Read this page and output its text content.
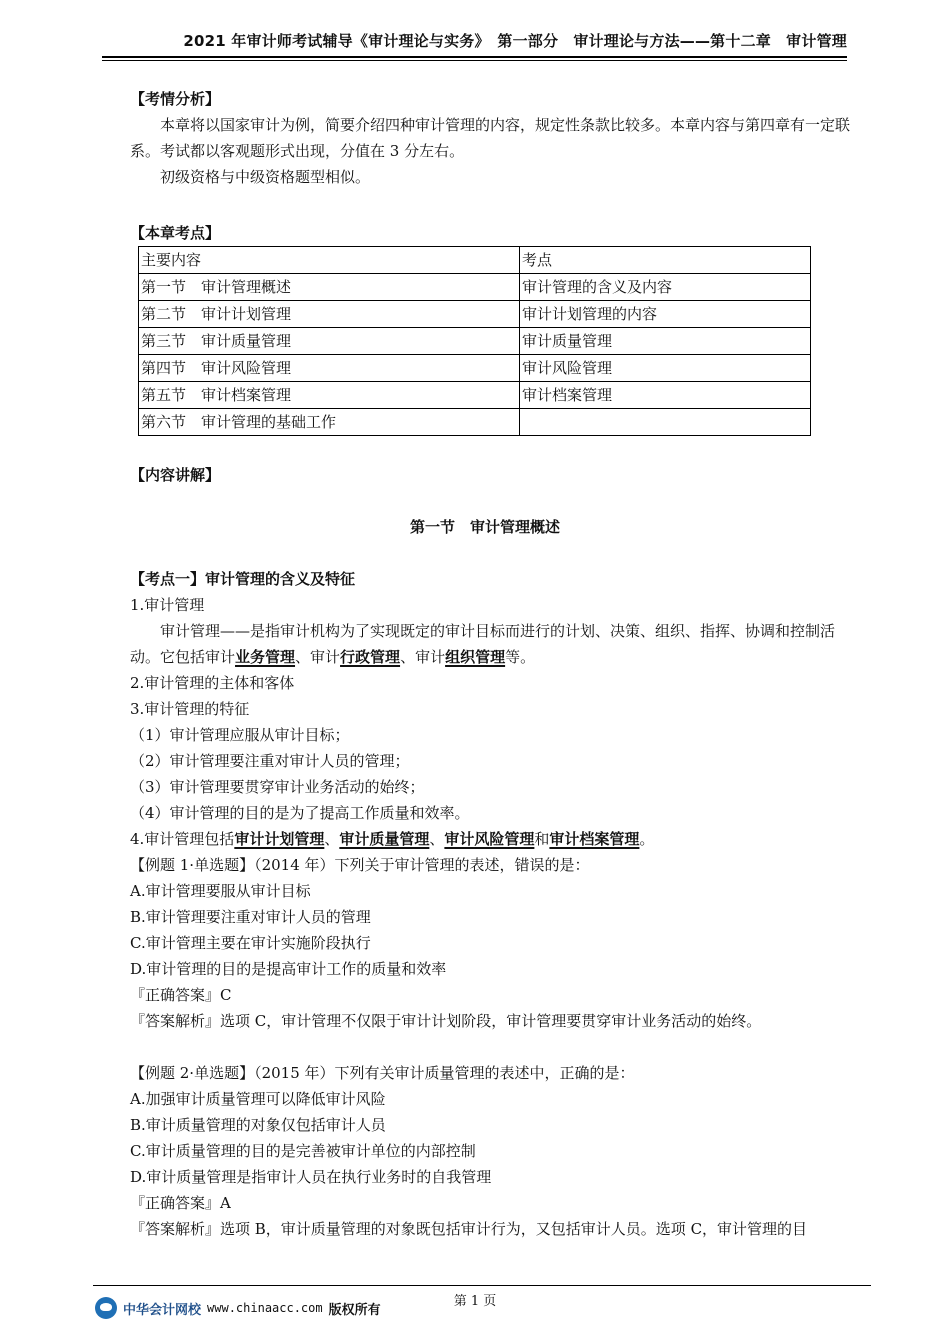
2021 年审计师考试辅导《审计理论与实务》　第一部分　审计理论与方法——第十二章　审计管理
【考情分析】

本章将以国家审计为例，简要介绍四种审计管理的内容，规定性条款比较多。本章内容与第四章有一定联系。考试都以客观题形式出现，分值在 3 分左右。

初级资格与中级资格题型相似。

【本章考点】
主要内容	考点
第一节　审计管理概述	审计管理的含义及内容
第二节　审计计划管理	审计计划管理的内容
第三节　审计质量管理	审计质量管理
第四节　审计风险管理	审计风险管理
第五节　审计档案管理	审计档案管理
第六节　审计管理的基础工作	
【内容讲解】
第一节　审计管理概述
【考点一】审计管理的含义及特征
1.审计管理

审计管理——是指审计机构为了实现既定的审计目标而进行的计划、决策、组织、指挥、协调和控制活动。它包括审计业务管理、审计行政管理、审计组织管理等。

2.审计管理的主体和客体
3.审计管理的特征
（1）审计管理应服从审计目标；
（2）审计管理要注重对审计人员的管理；
（3）审计管理要贯穿审计业务活动的始终；
（4）审计管理的目的是为了提高工作质量和效率。
4.审计管理包括审计计划管理、审计质量管理、审计风险管理和审计档案管理。
【例题 1·单选题】（2014 年）下列关于审计管理的表述，错误的是：
A.审计管理要服从审计目标
B.审计管理要注重对审计人员的管理
C.审计管理主要在审计实施阶段执行
D.审计管理的目的是提高审计工作的质量和效率
『正确答案』C
『答案解析』选项 C，审计管理不仅限于审计计划阶段，审计管理要贯穿审计业务活动的始终。
【例题 2·单选题】（2015 年）下列有关审计质量管理的表述中，正确的是：
A.加强审计质量管理可以降低审计风险
B.审计质量管理的对象仅包括审计人员
C.审计质量管理的目的是完善被审计单位的内部控制
D.审计质量管理是指审计人员在执行业务时的自我管理
『正确答案』A
『答案解析』选项 B，审计质量管理的对象既包括审计行为，又包括审计人员。选项 C，审计管理的目
第 1 页
中华会计网校 www.chinaacc.com 版权所有
